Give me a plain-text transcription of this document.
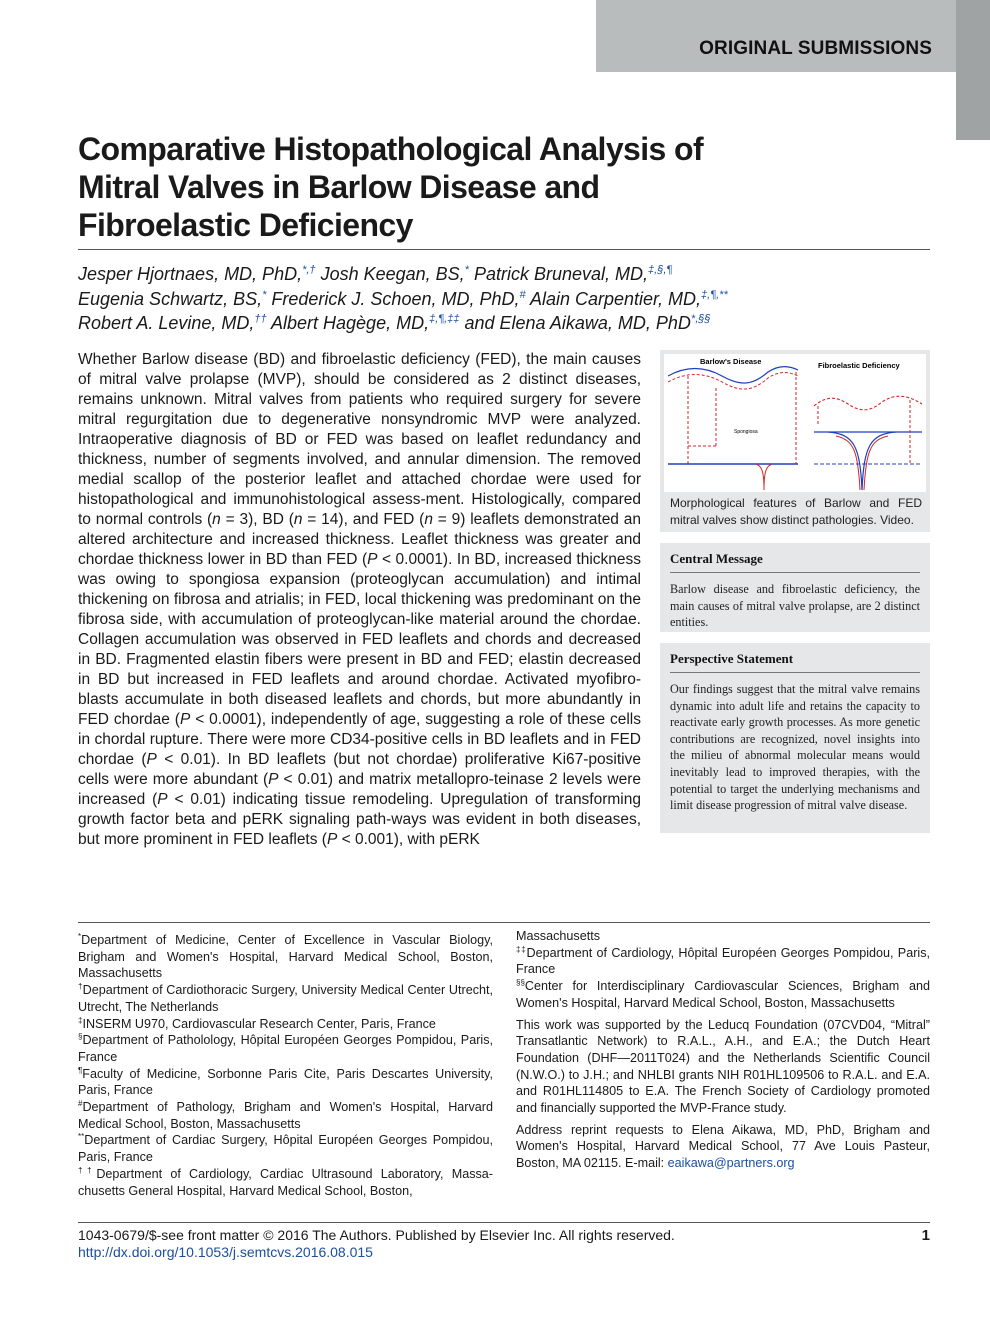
ORIGINAL SUBMISSIONS
Comparative Histopathological Analysis of
Mitral Valves in Barlow Disease and
Fibroelastic Deficiency
Jesper Hjortnaes, MD, PhD,*,† Josh Keegan, BS,* Patrick Bruneval, MD,‡,§,¶
Eugenia Schwartz, BS,* Frederick J. Schoen, MD, PhD,# Alain Carpentier, MD,‡,¶,**
Robert A. Levine, MD,†† Albert Hagège, MD,‡,¶,‡‡ and Elena Aikawa, MD, PhD*,§§
Whether Barlow disease (BD) and fibroelastic deficiency (FED), the main causes of mitral valve prolapse (MVP), should be considered as 2 distinct diseases, remains unknown. Mitral valves from patients who required surgery for severe mitral regurgitation due to degenerative nonsyndromic MVP were analyzed. Intraoperative diagnosis of BD or FED was based on leaflet redundancy and thickness, number of segments involved, and annular dimension. The removed medial scallop of the posterior leaflet and attached chordae were used for histopathological and immunohistological assess-ment. Histologically, compared to normal controls (n = 3), BD (n = 14), and FED (n = 9) leaflets demonstrated an altered architecture and increased thickness. Leaflet thickness was greater and chordae thickness lower in BD than FED (P < 0.0001). In BD, increased thickness was owing to spongiosa expansion (proteoglycan accumulation) and intimal thickening on fibrosa and atrialis; in FED, local thickening was predominant on the fibrosa side, with accumulation of proteoglycan-like material around the chordae. Collagen accumulation was observed in FED leaflets and chords and decreased in BD. Fragmented elastin fibers were present in BD and FED; elastin decreased in BD but increased in FED leaflets and around chordae. Activated myofibro-blasts accumulate in both diseased leaflets and chords, but more abundantly in FED chordae (P < 0.0001), independently of age, suggesting a role of these cells in chordal rupture. There were more CD34-positive cells in BD leaflets and in FED chordae (P < 0.01). In BD leaflets (but not chordae) proliferative Ki67-positive cells were more abundant (P < 0.01) and matrix metallopro-teinase 2 levels were increased (P < 0.01) indicating tissue remodeling. Upregulation of transforming growth factor beta and pERK signaling path-ways was evident in both diseases, but more prominent in FED leaflets (P < 0.001), with pERK
Barlow's Disease	Fibroelastic Deficiency
Spongiosa
Morphological features of Barlow and FED mitral valves show distinct pathologies. Video.
Central Message
Barlow disease and fibroelastic deficiency, the main causes of mitral valve prolapse, are 2 distinct entities.
Perspective Statement
Our findings suggest that the mitral valve remains dynamic into adult life and retains the capacity to reactivate early growth processes. As more genetic contributions are recognized, novel insights into the milieu of abnormal molecular means would inevitably lead to improved therapies, with the potential to target the underlying mechanisms and limit disease progression of mitral valve disease.

*Department of Medicine, Center of Excellence in Vascular Biology, Brigham and Women's Hospital, Harvard Medical School, Boston, Massachusetts

†Department of Cardiothoracic Surgery, University Medical Center Utrecht, Utrecht, The Netherlands

‡INSERM U970, Cardiovascular Research Center, Paris, France

§Department of Patholology, Hôpital Européen Georges Pompidou, Paris, France

¶Faculty of Medicine, Sorbonne Paris Cite, Paris Descartes University, Paris, France

#Department of Pathology, Brigham and Women's Hospital, Harvard Medical School, Boston, Massachusetts

**Department of Cardiac Surgery, Hôpital Européen Georges Pompidou, Paris, France

††Department of Cardiology, Cardiac Ultrasound Laboratory, Massa-chusetts General Hospital, Harvard Medical School, Boston,

Massachusetts

‡‡Department of Cardiology, Hôpital Européen Georges Pompidou, Paris, France

§§Center for Interdisciplinary Cardiovascular Sciences, Brigham and Women's Hospital, Harvard Medical School, Boston, Massachusetts

This work was supported by the Leducq Foundation (07CVD04, “Mitral” Transatlantic Network) to R.A.L., A.H., and E.A.; the Dutch Heart Foundation (DHF—2011T024) and the Netherlands Scientific Council (N.W.O.) to J.H.; and NHLBI grants NIH R01HL109506 to R.A.L. and E.A. and R01HL114805 to E.A. The French Society of Cardiology promoted and financially supported the MVP-France study.

Address reprint requests to Elena Aikawa, MD, PhD, Brigham and Women's Hospital, Harvard Medical School, 77 Ave Louis Pasteur, Boston, MA 02115. E-mail: eaikawa@partners.org

1043-0679/$-see front matter © 2016 The Authors. Published by Elsevier Inc. All rights reserved.
http://dx.doi.org/10.1053/j.semtcvs.2016.08.015
1
